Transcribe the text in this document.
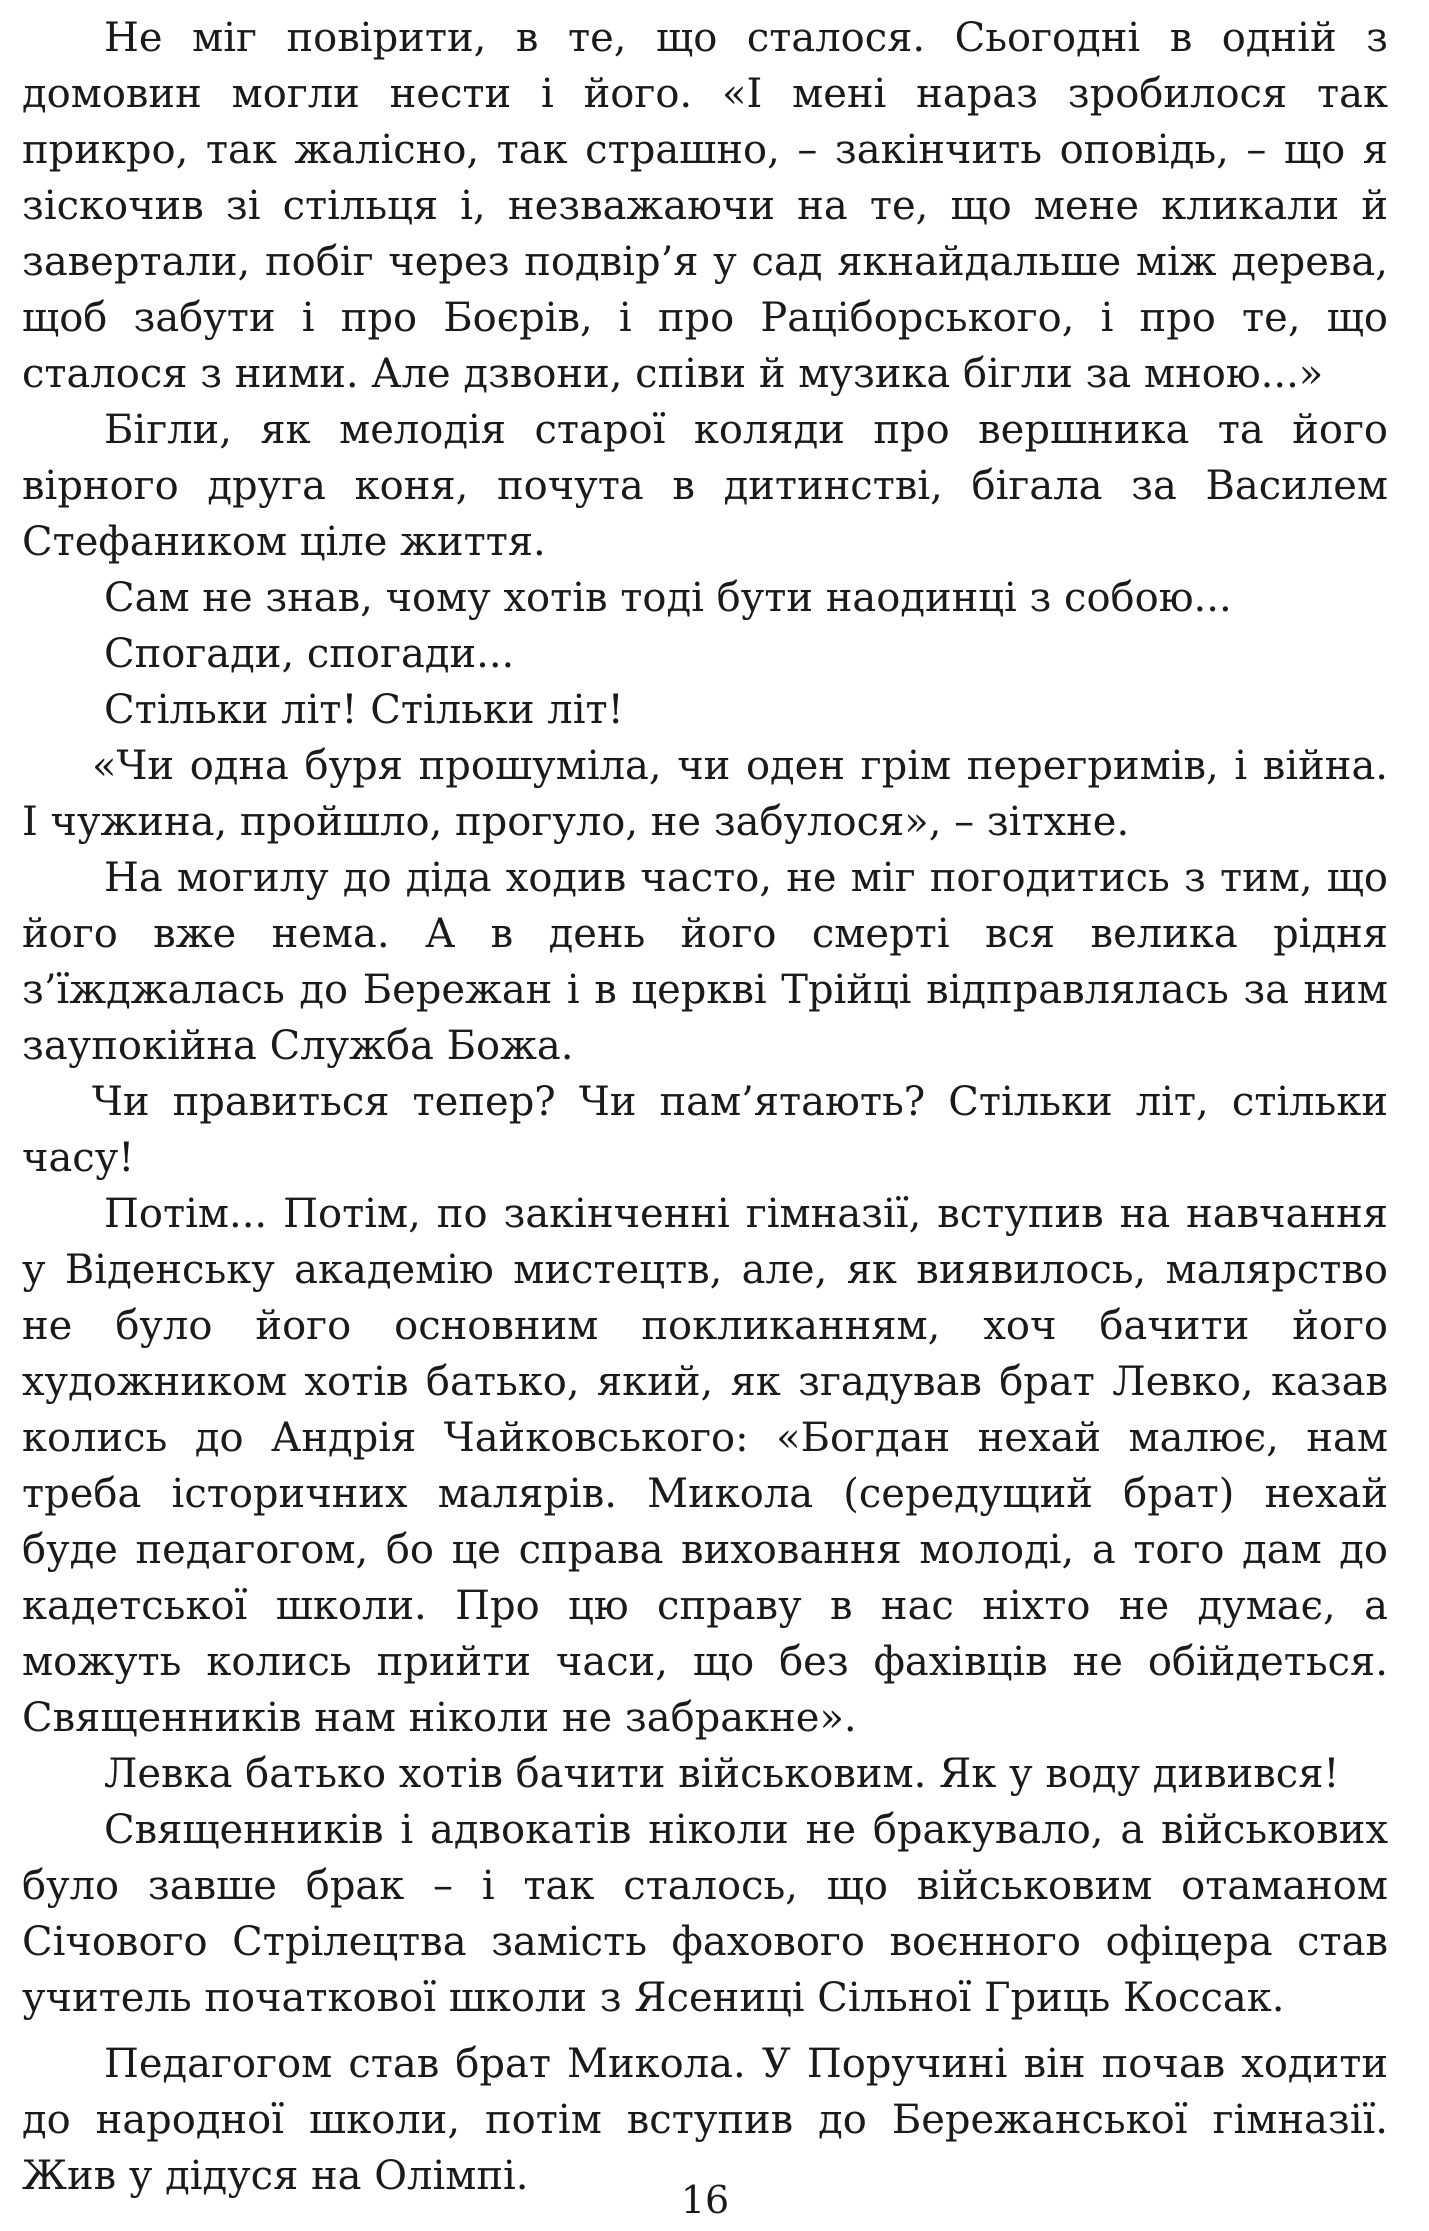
Не міг повірити, в те, що сталося. Сьогодні в одній з домовин могли нести і його. «І мені нараз зробилося так прикро, так жалісно, так страшно, – закінчить оповідь, – що я зіскочив зі стільця і, незважаючи на те, що мене кликали й завертали, побіг через подвір’я у сад якнайдальше між дерева, щоб забути і про Боєрів, і про Раціборського, і про те, що сталося з ними. Але дзвони, співи й музика бігли за мною...»

Бігли, як мелодія старої коляди про вершника та його вірного друга коня, почута в дитинстві, бігала за Василем Стефаником ціле життя.

Сам не знав, чому хотів тоді бути наодинці з собою...

Спогади, спогади...

Стільки літ! Стільки літ!

«Чи одна буря прошуміла, чи оден грім перегримів, і війна. І чужина, пройшло, прогуло, не забулося», – зітхне.

На могилу до діда ходив часто, не міг погодитись з тим, що його вже нема. А в день його смерті вся велика рідня з’їжджалась до Бережан і в церкві Трійці відправлялась за ним заупокійна Служба Божа.

Чи правиться тепер? Чи пам’ятають? Стільки літ, стільки часу!

Потім... Потім, по закінченні гімназії, вступив на навчання у Віденську академію мистецтв, але, як виявилось, малярство не було його основним покликанням, хоч бачити його художником хотів батько, який, як згадував брат Левко, казав колись до Андрія Чайковського: «Богдан нехай малює, нам треба історичних малярів. Микола (середущий брат) нехай буде педагогом, бо це справа виховання молоді, а того дам до кадетської школи. Про цю справу в нас ніхто не думає, а можуть колись прийти часи, що без фахівців не обійдеться. Священників нам ніколи не забракне».

Левка батько хотів бачити військовим. Як у воду дивився!

Священників і адвокатів ніколи не бракувало, а військових було завше брак – і так сталось, що військовим отаманом Січового Стрілецтва замість фахового воєнного офіцера став учитель початкової школи з Ясениці Сільної Гриць Коссак.

Педагогом став брат Микола. У Поручині він почав ходити до народної школи, потім вступив до Бережанської гімназії. Жив у дідуся на Олімпі.

16
